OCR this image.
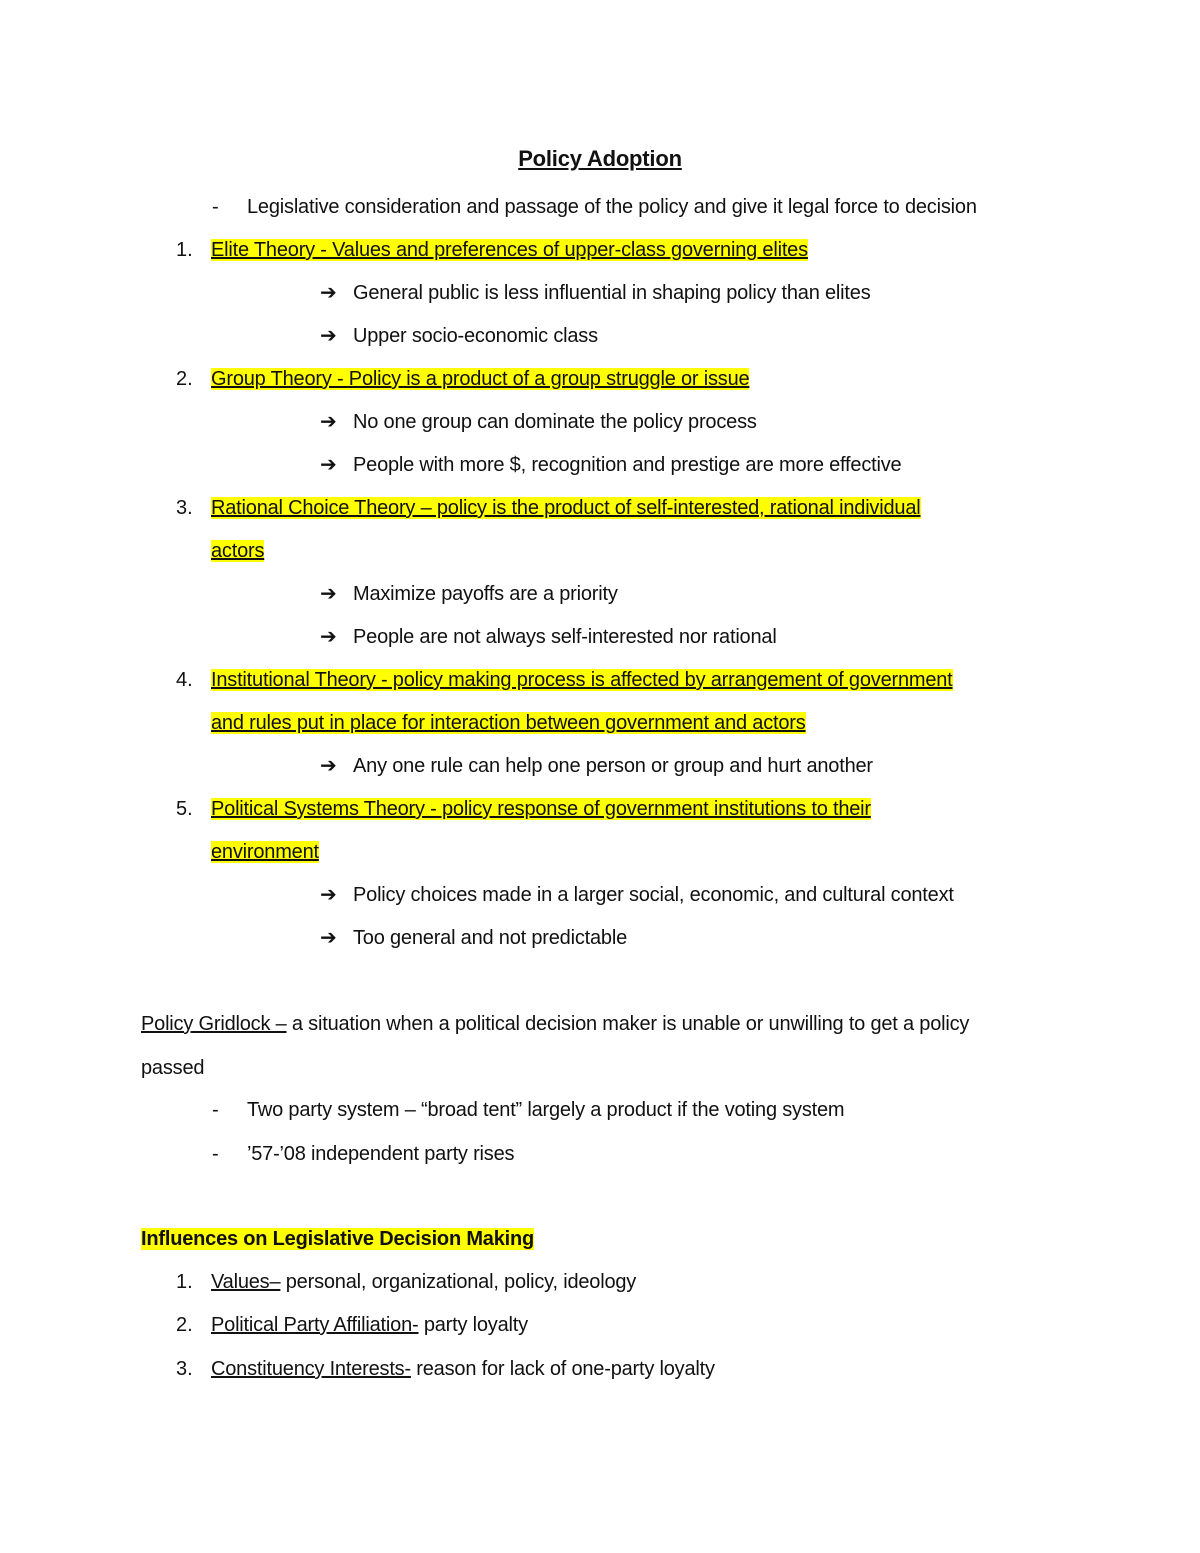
Policy Adoption
- Legislative consideration and passage of the policy and give it legal force to decision
1. Elite Theory - Values and preferences of upper-class governing elites
➔ General public is less influential in shaping policy than elites
➔ Upper socio-economic class
2. Group Theory - Policy is a product of a group struggle or issue
➔ No one group can dominate the policy process
➔ People with more $, recognition and prestige are more effective
3. Rational Choice Theory – policy is the product of self-interested, rational individual
actors
➔ Maximize payoffs are a priority
➔ People are not always self-interested nor rational
4. Institutional Theory - policy making process is affected by arrangement of government
and rules put in place for interaction between government and actors
➔ Any one rule can help one person or group and hurt another
5. Political Systems Theory - policy response of government institutions to their
environment
➔ Policy choices made in a larger social, economic, and cultural context
➔ Too general and not predictable
Policy Gridlock – a situation when a political decision maker is unable or unwilling to get a policy
passed
- Two party system – “broad tent” largely a product if the voting system
- ’57-’08 independent party rises
Influences on Legislative Decision Making
1. Values– personal, organizational, policy, ideology
2. Political Party Affiliation- party loyalty
3. Constituency Interests- reason for lack of one-party loyalty
